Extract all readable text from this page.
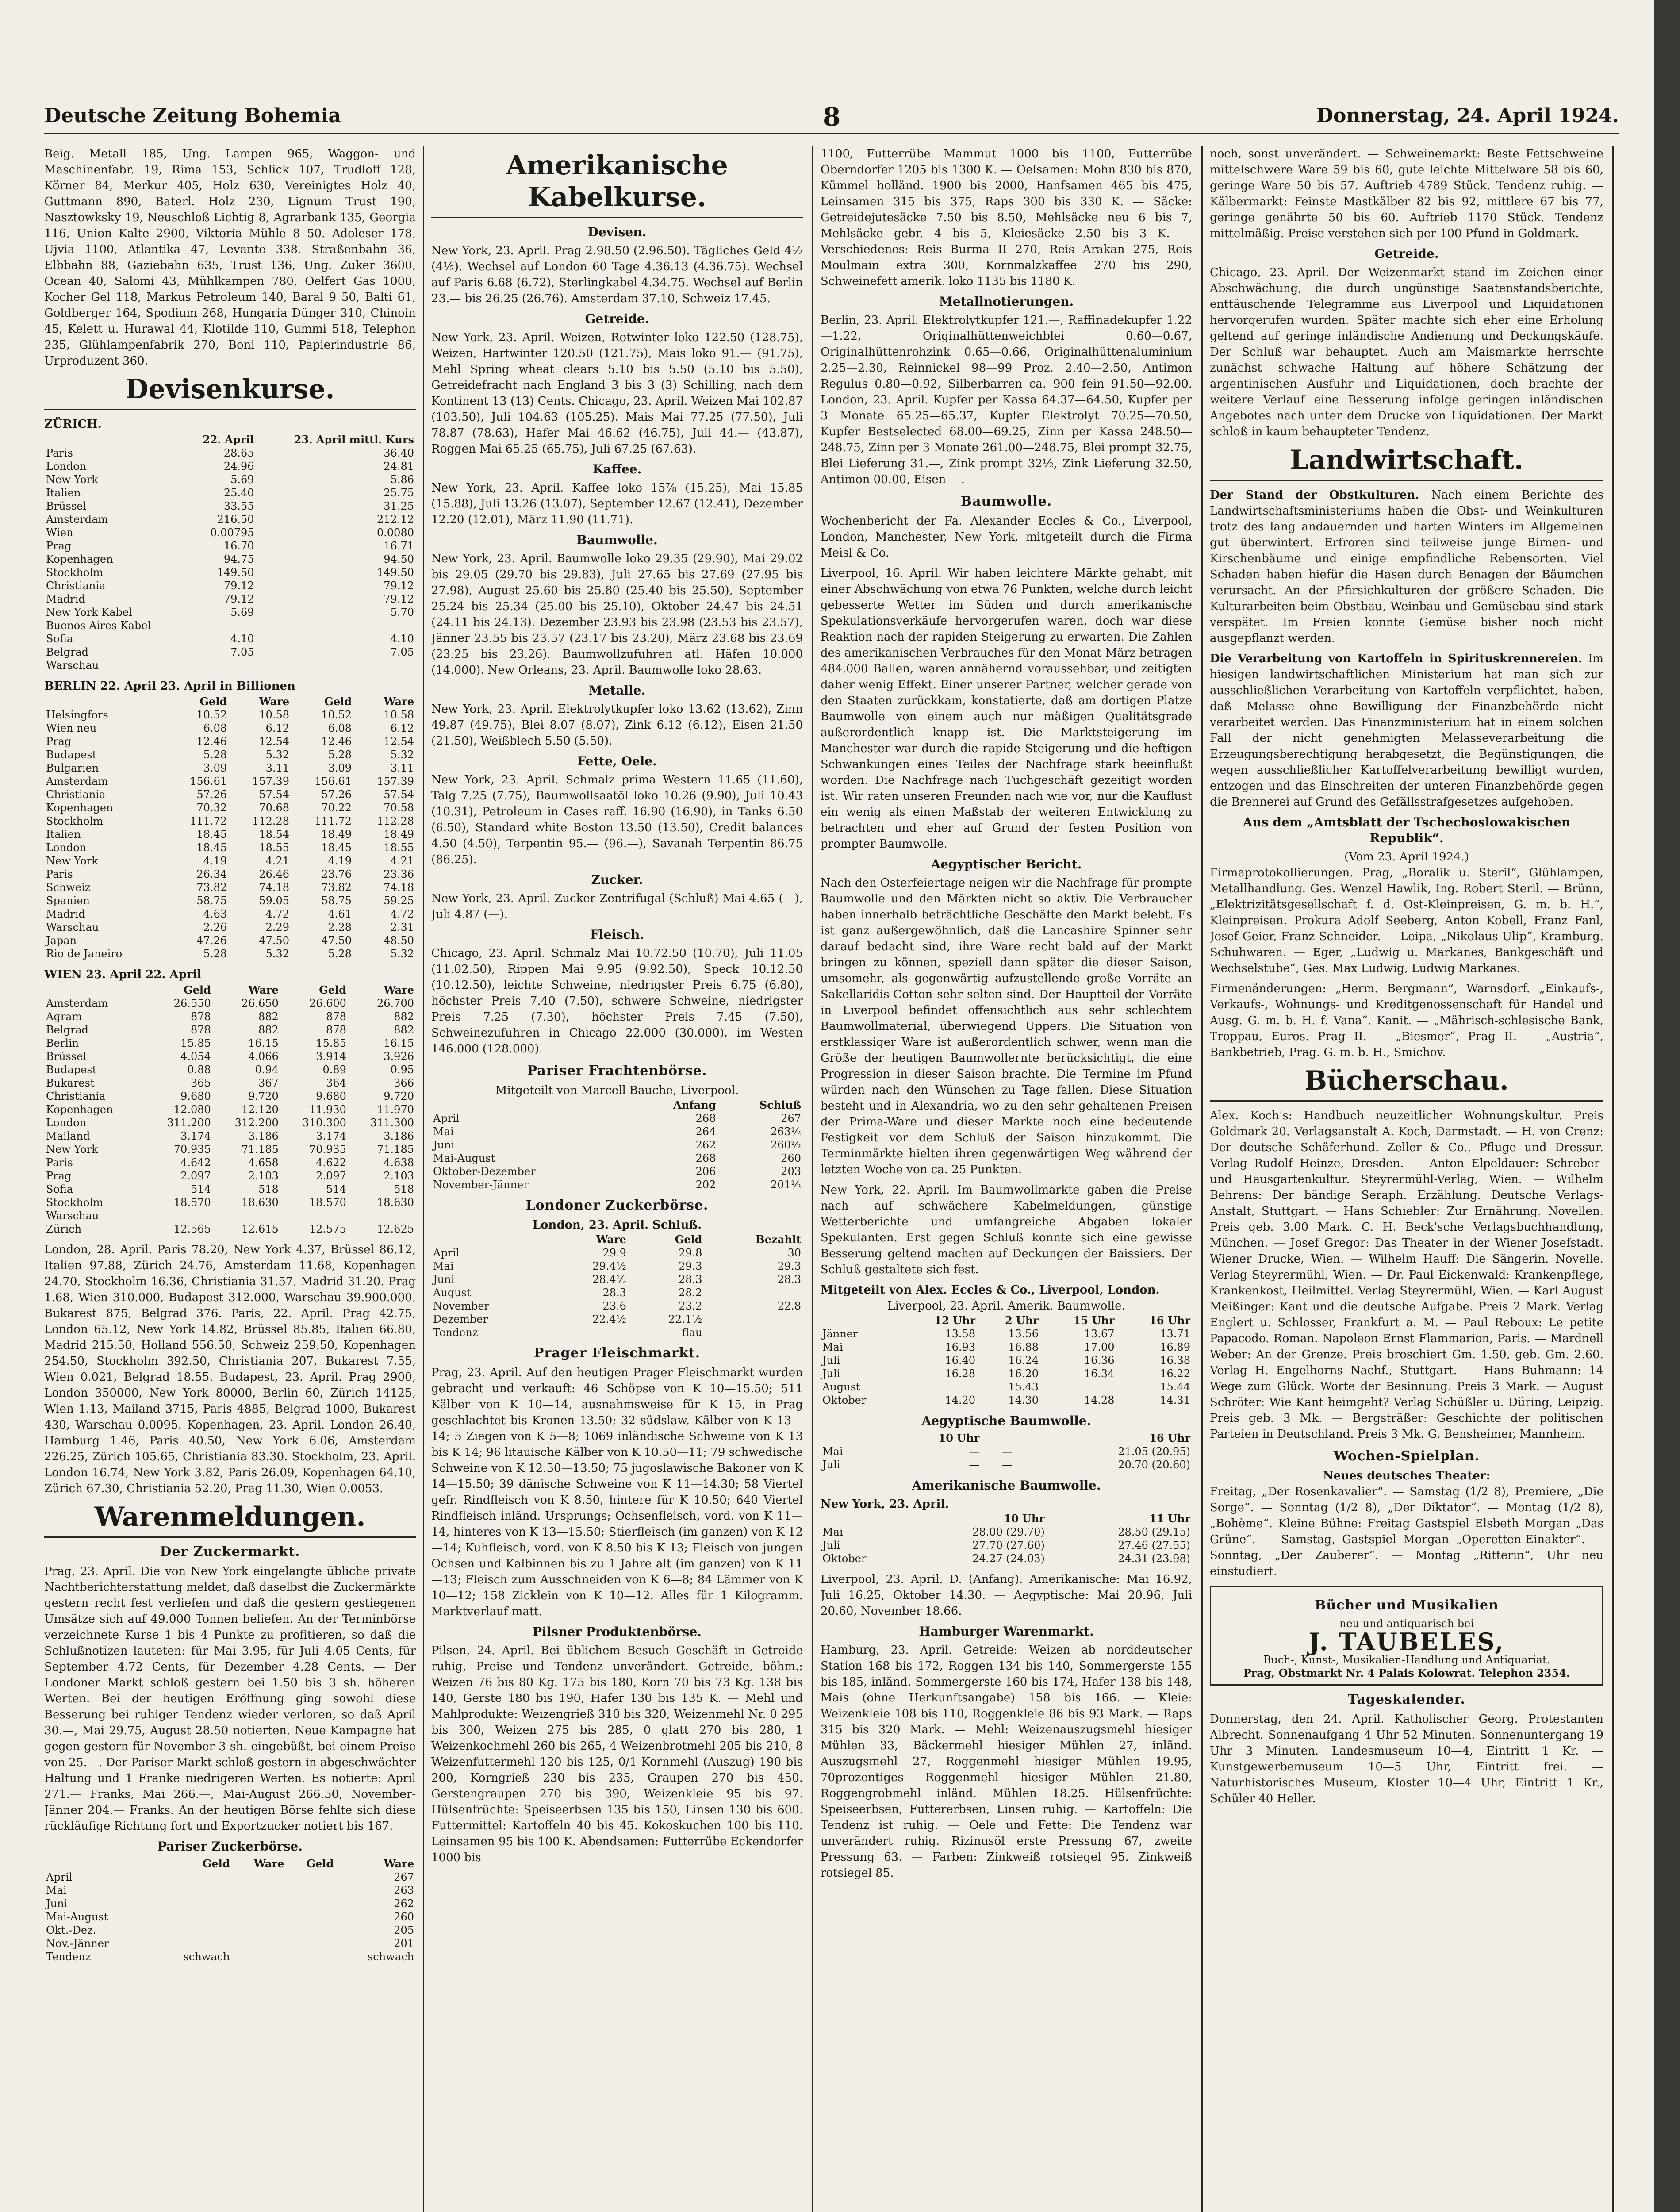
Deutsche Zeitung Bohemia	8	Donnerstag, 24. April 1924.

Beig. Metall 185, Ung. Lampen 965, Waggon- und Maschinenfabr. 19, Rima 153, Schlick 107, Trudloff 128, Körner 84, Merkur 405, Holz 630, Vereinigtes Holz 40, Guttmann 890, Baterl. Holz 230, Lignum Trust 190, Nasztowksky 19, Neuschloß Lichtig 8, Agrarbank 135, Georgia 116, Union Kalte 2900, Viktoria Mühle 8 50. Adoleser 178, Ujvia 1100, Atlantika 47, Levante 338. Straßenbahn 36, Elbbahn 88, Gaziebahn 635, Trust 136, Ung. Zuker 3600, Ocean 40, Salomi 43, Mühlkampen 780, Oelfert Gas 1000, Kocher Gel 118, Markus Petroleum 140, Baral 9 50, Balti 61, Goldberger 164, Spodium 268, Hungaria Dünger 310, Chinoin 45, Kelett u. Hurawal 44, Klotilde 110, Gummi 518, Telephon 235, Glühlampenfabrik 270, Boni 110, Papierindustrie 86, Urproduzent 360.

Devisenkurse.
ZÜRICH.
	22. April	23. April mittl. Kurs
Paris	28.65	36.40
London	24.96	24.81
New York	5.69	5.86
Italien	25.40	25.75
Brüssel	33.55	31.25
Amsterdam	216.50	212.12
Wien	0.00795	0.0080
Prag	16.70	16.71
Kopenhagen	94.75	94.50
Stockholm	149.50	149.50
Christiania	79.12	79.12
Madrid	79.12	79.12
New York Kabel	5.69	5.70
Buenos Aires Kabel		
Sofia	4.10	4.10
Belgrad	7.05	7.05
Warschau		
BERLIN 22. April 23. April in Billionen
	Geld	Ware	Geld	Ware
Helsingfors	10.52	10.58	10.52	10.58
Wien neu	6.08	6.12	6.08	6.12
Prag	12.46	12.54	12.46	12.54
Budapest	5.28	5.32	5.28	5.32
Bulgarien	3.09	3.11	3.09	3.11
Amsterdam	156.61	157.39	156.61	157.39
Christiania	57.26	57.54	57.26	57.54
Kopenhagen	70.32	70.68	70.22	70.58
Stockholm	111.72	112.28	111.72	112.28
Italien	18.45	18.54	18.49	18.49
London	18.45	18.55	18.45	18.55
New York	4.19	4.21	4.19	4.21
Paris	26.34	26.46	23.76	23.36
Schweiz	73.82	74.18	73.82	74.18
Spanien	58.75	59.05	58.75	59.25
Madrid	4.63	4.72	4.61	4.72
Warschau	2.26	2.29	2.28	2.31
Japan	47.26	47.50	47.50	48.50
Rio de Janeiro	5.28	5.32	5.28	5.32
WIEN 23. April 22. April
	Geld	Ware	Geld	Ware
Amsterdam	26.550	26.650	26.600	26.700
Agram	878	882	878	882
Belgrad	878	882	878	882
Berlin	15.85	16.15	15.85	16.15
Brüssel	4.054	4.066	3.914	3.926
Budapest	0.88	0.94	0.89	0.95
Bukarest	365	367	364	366
Christiania	9.680	9.720	9.680	9.720
Kopenhagen	12.080	12.120	11.930	11.970
London	311.200	312.200	310.300	311.300
Mailand	3.174	3.186	3.174	3.186
New York	70.935	71.185	70.935	71.185
Paris	4.642	4.658	4.622	4.638
Prag	2.097	2.103	2.097	2.103
Sofia	514	518	514	518
Stockholm	18.570	18.630	18.570	18.630
Warschau				
Zürich	12.565	12.615	12.575	12.625

London, 28. April. Paris 78.20, New York 4.37, Brüssel 86.12, Italien 97.88, Zürich 24.76, Amsterdam 11.68, Kopenhagen 24.70, Stockholm 16.36, Christiania 31.57, Madrid 31.20. Prag 1.68, Wien 310.000, Budapest 312.000, Warschau 39.900.000, Bukarest 875, Belgrad 376. Paris, 22. April. Prag 42.75, London 65.12, New York 14.82, Brüssel 85.85, Italien 66.80, Madrid 215.50, Holland 556.50, Schweiz 259.50, Kopenhagen 254.50, Stockholm 392.50, Christiania 207, Bukarest 7.55, Wien 0.021, Belgrad 18.55. Budapest, 23. April. Prag 2900, London 350000, New York 80000, Berlin 60, Zürich 14125, Wien 1.13, Mailand 3715, Paris 4885, Belgrad 1000, Bukarest 430, Warschau 0.0095. Kopenhagen, 23. April. London 26.40, Hamburg 1.46, Paris 40.50, New York 6.06, Amsterdam 226.25, Zürich 105.65, Christiania 83.30. Stockholm, 23. April. London 16.74, New York 3.82, Paris 26.09, Kopenhagen 64.10, Zürich 67.30, Christiania 52.20, Prag 11.30, Wien 0.0053.

Warenmeldungen.
Der Zuckermarkt.

Prag, 23. April. Die von New York eingelangte übliche private Nachtberichterstattung meldet, daß daselbst die Zuckermärkte gestern recht fest verliefen und daß die gestern gestiegenen Umsätze sich auf 49.000 Tonnen beliefen. An der Terminbörse verzeichnete Kurse 1 bis 4 Punkte zu profitieren, so daß die Schlußnotizen lauteten: für Mai 3.95, für Juli 4.05 Cents, für September 4.72 Cents, für Dezember 4.28 Cents. — Der Londoner Markt schloß gestern bei 1.50 bis 3 sh. höheren Werten. Bei der heutigen Eröffnung ging sowohl diese Besserung bei ruhiger Tendenz wieder verloren, so daß April 30.—, Mai 29.75, August 28.50 notierten. Neue Kampagne hat gegen gestern für November 3 sh. eingebüßt, bei einem Preise von 25.—. Der Pariser Markt schloß gestern in abgeschwächter Haltung und 1 Franke niedrigeren Werten. Es notierte: April 271.— Franks, Mai 266.—, Mai-August 266.50, November-Jänner 204.— Franks. An der heutigen Börse fehlte sich diese rückläufige Richtung fort und Exportzucker notiert bis 167.

Pariser Zuckerbörse.
	Geld	Ware	Geld	Ware
April				267
Mai				263
Juni				262
Mai-August				260
Okt.-Dez.				205
Nov.-Jänner				201
Tendenz	schwach			schwach
Amerikanische Kabelkurse.
Devisen.

New York, 23. April. Prag 2.98.50 (2.96.50). Tägliches Geld 4½ (4½). Wechsel auf London 60 Tage 4.36.13 (4.36.75). Wechsel auf Paris 6.68 (6.72), Sterlingkabel 4.34.75. Wechsel auf Berlin 23.— bis 26.25 (26.76). Amsterdam 37.10, Schweiz 17.45.

Getreide.

New York, 23. April. Weizen, Rotwinter loko 122.50 (128.75), Weizen, Hartwinter 120.50 (121.75), Mais loko 91.— (91.75), Mehl Spring wheat clears 5.10 bis 5.50 (5.10 bis 5.50), Getreidefracht nach England 3 bis 3 (3) Schilling, nach dem Kontinent 13 (13) Cents. Chicago, 23. April. Weizen Mai 102.87 (103.50), Juli 104.63 (105.25). Mais Mai 77.25 (77.50), Juli 78.87 (78.63), Hafer Mai 46.62 (46.75), Juli 44.— (43.87), Roggen Mai 65.25 (65.75), Juli 67.25 (67.63).

Kaffee.

New York, 23. April. Kaffee loko 15⅞ (15.25), Mai 15.85 (15.88), Juli 13.26 (13.07), September 12.67 (12.41), Dezember 12.20 (12.01), März 11.90 (11.71).

Baumwolle.

New York, 23. April. Baumwolle loko 29.35 (29.90), Mai 29.02 bis 29.05 (29.70 bis 29.83), Juli 27.65 bis 27.69 (27.95 bis 27.98), August 25.60 bis 25.80 (25.40 bis 25.50), September 25.24 bis 25.34 (25.00 bis 25.10), Oktober 24.47 bis 24.51 (24.11 bis 24.13). Dezember 23.93 bis 23.98 (23.53 bis 23.57), Jänner 23.55 bis 23.57 (23.17 bis 23.20), März 23.68 bis 23.69 (23.25 bis 23.26). Baumwollzufuhren atl. Häfen 10.000 (14.000). New Orleans, 23. April. Baumwolle loko 28.63.

Metalle.

New York, 23. April. Elektrolytkupfer loko 13.62 (13.62), Zinn 49.87 (49.75), Blei 8.07 (8.07), Zink 6.12 (6.12), Eisen 21.50 (21.50), Weißblech 5.50 (5.50).

Fette, Oele.

New York, 23. April. Schmalz prima Western 11.65 (11.60), Talg 7.25 (7.75), Baumwollsaatöl loko 10.26 (9.90), Juli 10.43 (10.31), Petroleum in Cases raff. 16.90 (16.90), in Tanks 6.50 (6.50), Standard white Boston 13.50 (13.50), Credit balances 4.50 (4.50), Terpentin 95.— (96.—), Savanah Terpentin 86.75 (86.25).

Zucker.

New York, 23. April. Zucker Zentrifugal (Schluß) Mai 4.65 (—), Juli 4.87 (—).

Fleisch.

Chicago, 23. April. Schmalz Mai 10.72.50 (10.70), Juli 11.05 (11.02.50), Rippen Mai 9.95 (9.92.50), Speck 10.12.50 (10.12.50), leichte Schweine, niedrigster Preis 6.75 (6.80), höchster Preis 7.40 (7.50), schwere Schweine, niedrigster Preis 7.25 (7.30), höchster Preis 7.45 (7.50), Schweinezufuhren in Chicago 22.000 (30.000), im Westen 146.000 (128.000).

Pariser Frachtenbörse.
Mitgeteilt von Marcell Bauche, Liverpool.
	Anfang	Schluß
April	268	267
Mai	264	263½
Juni	262	260½
Mai-August	268	260
Oktober-Dezember	206	203
November-Jänner	202	201½
Londoner Zuckerbörse.
London, 23. April. Schluß.
	Ware	Geld	Bezahlt
April	29.9	29.8	30
Mai	29.4½	29.3	29.3
Juni	28.4½	28.3	28.3
August	28.3	28.2	
November	23.6	23.2	22.8
Dezember	22.4½	22.1½	
Tendenz		flau	
Prager Fleischmarkt.

Prag, 23. April. Auf den heutigen Prager Fleischmarkt wurden gebracht und verkauft: 46 Schöpse von K 10—15.50; 511 Kälber von K 10—14, ausnahmsweise für K 15, in Prag geschlachtet bis Kronen 13.50; 32 südslaw. Kälber von K 13—14; 5 Ziegen von K 5—8; 1069 inländische Schweine von K 13 bis K 14; 96 litauische Kälber von K 10.50—11; 79 schwedische Schweine von K 12.50—13.50; 75 jugoslawische Bakoner von K 14—15.50; 39 dänische Schweine von K 11—14.30; 58 Viertel gefr. Rindfleisch von K 8.50, hintere für K 10.50; 640 Viertel Rindfleisch inländ. Ursprungs; Ochsenfleisch, vord. von K 11—14, hinteres von K 13—15.50; Stierfleisch (im ganzen) von K 12—14; Kuhfleisch, vord. von K 8.50 bis K 13; Fleisch von jungen Ochsen und Kalbinnen bis zu 1 Jahre alt (im ganzen) von K 11—13; Fleisch zum Ausschneiden von K 6—8; 84 Lämmer von K 10—12; 158 Zicklein von K 10—12. Alles für 1 Kilogramm. Marktverlauf matt.

Pilsner Produktenbörse.

Pilsen, 24. April. Bei üblichem Besuch Geschäft in Getreide ruhig, Preise und Tendenz unverändert. Getreide, böhm.: Weizen 76 bis 80 Kg. 175 bis 180, Korn 70 bis 73 Kg. 138 bis 140, Gerste 180 bis 190, Hafer 130 bis 135 K. — Mehl und Mahlprodukte: Weizengrieß 310 bis 320, Weizenmehl Nr. 0 295 bis 300, Weizen 275 bis 285, 0 glatt 270 bis 280, 1 Weizenkochmehl 260 bis 265, 4 Weizenbrotmehl 205 bis 210, 8 Weizenfuttermehl 120 bis 125, 0/1 Kornmehl (Auszug) 190 bis 200, Korngrieß 230 bis 235, Graupen 270 bis 450. Gerstengraupen 270 bis 390, Weizenkleie 95 bis 97. Hülsenfrüchte: Speiseerbsen 135 bis 150, Linsen 130 bis 600. Futtermittel: Kartoffeln 40 bis 45. Kokoskuchen 100 bis 110. Leinsamen 95 bis 100 K. Abendsamen: Futterrübe Eckendorfer 1000 bis

1100, Futterrübe Mammut 1000 bis 1100, Futterrübe Oberndorfer 1205 bis 1300 K. — Oelsamen: Mohn 830 bis 870, Kümmel holländ. 1900 bis 2000, Hanfsamen 465 bis 475, Leinsamen 315 bis 375, Raps 300 bis 330 K. — Säcke: Getreidejutesäcke 7.50 bis 8.50, Mehlsäcke neu 6 bis 7, Mehlsäcke gebr. 4 bis 5, Kleiesäcke 2.50 bis 3 K. — Verschiedenes: Reis Burma II 270, Reis Arakan 275, Reis Moulmain extra 300, Kornmalzkaffee 270 bis 290, Schweinefett amerik. loko 1135 bis 1180 K.

Metallnotierungen.

Berlin, 23. April. Elektrolytkupfer 121.—, Raffinadekupfer 1.22—1.22, Originalhüttenweichblei 0.60—0.67, Originalhüttenrohzink 0.65—0.66, Originalhüttenaluminium 2.25—2.30, Reinnickel 98—99 Proz. 2.40—2.50, Antimon Regulus 0.80—0.92, Silberbarren ca. 900 fein 91.50—92.00. London, 23. April. Kupfer per Kassa 64.37—64.50, Kupfer per 3 Monate 65.25—65.37, Kupfer Elektrolyt 70.25—70.50, Kupfer Bestselected 68.00—69.25, Zinn per Kassa 248.50—248.75, Zinn per 3 Monate 261.00—248.75, Blei prompt 32.75, Blei Lieferung 31.—, Zink prompt 32½, Zink Lieferung 32.50, Antimon 00.00, Eisen —.

Baumwolle.

Wochenbericht der Fa. Alexander Eccles & Co., Liverpool, London, Manchester, New York, mitgeteilt durch die Firma Meisl & Co.

Liverpool, 16. April. Wir haben leichtere Märkte gehabt, mit einer Abschwächung von etwa 76 Punkten, welche durch leicht gebesserte Wetter im Süden und durch amerikanische Spekulationsverkäufe hervorgerufen waren, doch war diese Reaktion nach der rapiden Steigerung zu erwarten. Die Zahlen des amerikanischen Verbrauches für den Monat März betragen 484.000 Ballen, waren annähernd voraussehbar, und zeitigten daher wenig Effekt. Einer unserer Partner, welcher gerade von den Staaten zurückkam, konstatierte, daß am dortigen Platze Baumwolle von einem auch nur mäßigen Qualitätsgrade außerordentlich knapp ist. Die Marktsteigerung im Manchester war durch die rapide Steigerung und die heftigen Schwankungen eines Teiles der Nachfrage stark beeinflußt worden. Die Nachfrage nach Tuchgeschäft gezeitigt worden ist. Wir raten unseren Freunden nach wie vor, nur die Kauflust ein wenig als einen Maßstab der weiteren Entwicklung zu betrachten und eher auf Grund der festen Position von prompter Baumwolle.

Aegyptischer Bericht.

Nach den Osterfeiertage neigen wir die Nachfrage für prompte Baumwolle und den Märkten nicht so aktiv. Die Verbraucher haben innerhalb beträchtliche Geschäfte den Markt belebt. Es ist ganz außergewöhnlich, daß die Lancashire Spinner sehr darauf bedacht sind, ihre Ware recht bald auf der Markt bringen zu können, speziell dann später die dieser Saison, umsomehr, als gegenwärtig aufzustellende große Vorräte an Sakellaridis-Cotton sehr selten sind. Der Hauptteil der Vorräte in Liverpool befindet offensichtlich aus sehr schlechtem Baumwollmaterial, überwiegend Uppers. Die Situation von erstklassiger Ware ist außerordentlich schwer, wenn man die Größe der heutigen Baumwollernte berücksichtigt, die eine Progression in dieser Saison brachte. Die Termine im Pfund würden nach den Wünschen zu Tage fallen. Diese Situation besteht und in Alexandria, wo zu den sehr gehaltenen Preisen der Prima-Ware und dieser Markte noch eine bedeutende Festigkeit vor dem Schluß der Saison hinzukommt. Die Terminmärkte hielten ihren gegenwärtigen Weg während der letzten Woche von ca. 25 Punkten.

New York, 22. April. Im Baumwollmarkte gaben die Preise nach auf schwächere Kabelmeldungen, günstige Wetterberichte und umfangreiche Abgaben lokaler Spekulanten. Erst gegen Schluß konnte sich eine gewisse Besserung geltend machen auf Deckungen der Baissiers. Der Schluß gestaltete sich fest.

Mitgeteilt von Alex. Eccles & Co., Liverpool, London.
Liverpool, 23. April. Amerik. Baumwolle.
	12 Uhr	2 Uhr	15 Uhr	16 Uhr
Jänner	13.58	13.56	13.67	13.71
Mai	16.93	16.88	17.00	16.89
Juli	16.40	16.24	16.36	16.38
Juli	16.28	16.20	16.34	16.22
August		15.43		15.44
Oktober	14.20	14.30	14.28	14.31
Aegyptische Baumwolle.
	10 Uhr		16 Uhr
Mai	—	—	21.05 (20.95)
Juli	—	—	20.70 (20.60)
Amerikanische Baumwolle.
New York, 23. April.
	10 Uhr		11 Uhr
Mai	28.00 (29.70)		28.50 (29.15)
Juli	27.70 (27.60)		27.46 (27.55)
Oktober	24.27 (24.03)		24.31 (23.98)

Liverpool, 23. April. D. (Anfang). Amerikanische: Mai 16.92, Juli 16.25, Oktober 14.30. — Aegyptische: Mai 20.96, Juli 20.60, November 18.66.

Hamburger Warenmarkt.

Hamburg, 23. April. Getreide: Weizen ab norddeutscher Station 168 bis 172, Roggen 134 bis 140, Sommergerste 155 bis 185, inländ. Sommergerste 160 bis 174, Hafer 138 bis 148, Mais (ohne Herkunftsangabe) 158 bis 166. — Kleie: Weizenkleie 108 bis 110, Roggenkleie 86 bis 93 Mark. — Raps 315 bis 320 Mark. — Mehl: Weizenauszugsmehl hiesiger Mühlen 33, Bäckermehl hiesiger Mühlen 27, inländ. Auszugsmehl 27, Roggenmehl hiesiger Mühlen 19.95, 70prozentiges Roggenmehl hiesiger Mühlen 21.80, Roggengrobmehl inländ. Mühlen 18.25. Hülsenfrüchte: Speiseerbsen, Futtererbsen, Linsen ruhig. — Kartoffeln: Die Tendenz ist ruhig. — Oele und Fette: Die Tendenz war unverändert ruhig. Rizinusöl erste Pressung 67, zweite Pressung 63. — Farben: Zinkweiß rotsiegel 95. Zinkweiß rotsiegel 85.

noch, sonst unverändert. — Schweinemarkt: Beste Fettschweine mittelschwere Ware 59 bis 60, gute leichte Mittelware 58 bis 60, geringe Ware 50 bis 57. Auftrieb 4789 Stück. Tendenz ruhig. — Kälbermarkt: Feinste Mastkälber 82 bis 92, mittlere 67 bis 77, geringe genährte 50 bis 60. Auftrieb 1170 Stück. Tendenz mittelmäßig. Preise verstehen sich per 100 Pfund in Goldmark.

Getreide.

Chicago, 23. April. Der Weizenmarkt stand im Zeichen einer Abschwächung, die durch ungünstige Saatenstandsberichte, enttäuschende Telegramme aus Liverpool und Liquidationen hervorgerufen wurden. Später machte sich eher eine Erholung geltend auf geringe inländische Andienung und Deckungskäufe. Der Schluß war behauptet. Auch am Maismarkte herrschte zunächst schwache Haltung auf höhere Schätzung der argentinischen Ausfuhr und Liquidationen, doch brachte der weitere Verlauf eine Besserung infolge geringen inländischen Angebotes nach unter dem Drucke von Liquidationen. Der Markt schloß in kaum behaupteter Tendenz.

Landwirtschaft.

Der Stand der Obstkulturen. Nach einem Berichte des Landwirtschaftsministeriums haben die Obst- und Weinkulturen trotz des lang andauernden und harten Winters im Allgemeinen gut überwintert. Erfroren sind teilweise junge Birnen- und Kirschenbäume und einige empfindliche Rebensorten. Viel Schaden haben hiefür die Hasen durch Benagen der Bäumchen verursacht. An der Pfirsichkulturen der größere Schaden. Die Kulturarbeiten beim Obstbau, Weinbau und Gemüsebau sind stark verspätet. Im Freien konnte Gemüse bisher noch nicht ausgepflanzt werden.

Die Verarbeitung von Kartoffeln in Spirituskrennereien. Im hiesigen landwirtschaftlichen Ministerium hat man sich zur ausschließlichen Verarbeitung von Kartoffeln verpflichtet, haben, daß Melasse ohne Bewilligung der Finanzbehörde nicht verarbeitet werden. Das Finanzministerium hat in einem solchen Fall der nicht genehmigten Melasseverarbeitung die Erzeugungsberechtigung herabgesetzt, die Begünstigungen, die wegen ausschließlicher Kartoffelverarbeitung bewilligt wurden, entzogen und das Einschreiten der unteren Finanzbehörde gegen die Brennerei auf Grund des Gefällsstrafgesetzes aufgehoben.

Aus dem „Amtsblatt der Tschechoslowakischen Republik“.
(Vom 23. April 1924.)

Firmaprotokollierungen. Prag, „Boralik u. Steril“, Glühlampen, Metallhandlung. Ges. Wenzel Hawlik, Ing. Robert Steril. — Brünn, „Elektrizitätsgesellschaft f. d. Ost-Kleinpreisen, G. m. b. H.“, Kleinpreisen. Prokura Adolf Seeberg, Anton Kobell, Franz Fanl, Josef Geier, Franz Schneider. — Leipa, „Nikolaus Ulip“, Kramburg. Schuhwaren. — Eger, „Ludwig u. Markanes, Bankgeschäft und Wechselstube“, Ges. Max Ludwig, Ludwig Markanes.

Firmenänderungen: „Herm. Bergmann“, Warnsdorf. „Einkaufs-, Verkaufs-, Wohnungs- und Kreditgenossenschaft für Handel und Ausg. G. m. b. H. f. Vana“. Kanit. — „Mährisch-schlesische Bank, Troppau, Euros. Prag II. — „Biesmer“, Prag II. — „Austria“, Bankbetrieb, Prag. G. m. b. H., Smichov.

Bücherschau.

Alex. Koch's: Handbuch neuzeitlicher Wohnungskultur. Preis Goldmark 20. Verlagsanstalt A. Koch, Darmstadt. — H. von Crenz: Der deutsche Schäferhund. Zeller & Co., Pfluge und Dressur. Verlag Rudolf Heinze, Dresden. — Anton Elpeldauer: Schreber- und Hausgartenkultur. Steyrermühl-Verlag, Wien. — Wilhelm Behrens: Der bändige Seraph. Erzählung. Deutsche Verlags-Anstalt, Stuttgart. — Hans Schiebler: Zur Ernährung. Novellen. Preis geb. 3.00 Mark. C. H. Beck'sche Verlagsbuchhandlung, München. — Josef Gregor: Das Theater in der Wiener Josefstadt. Wiener Drucke, Wien. — Wilhelm Hauff: Die Sängerin. Novelle. Verlag Steyrermühl, Wien. — Dr. Paul Eickenwald: Krankenpflege, Krankenkost, Heilmittel. Verlag Steyrermühl, Wien. — Karl August Meißinger: Kant und die deutsche Aufgabe. Preis 2 Mark. Verlag Englert u. Schlosser, Frankfurt a. M. — Paul Reboux: Le petite Papacodo. Roman. Napoleon Ernst Flammarion, Paris. — Mardnell Weber: An der Grenze. Preis broschiert Gm. 1.50, geb. Gm. 2.60. Verlag H. Engelhorns Nachf., Stuttgart. — Hans Buhmann: 14 Wege zum Glück. Worte der Besinnung. Preis 3 Mark. — August Schröter: Wie Kant heimgeht? Verlag Schüßler u. Düring, Leipzig. Preis geb. 3 Mk. — Bergsträßer: Geschichte der politischen Parteien in Deutschland. Preis 3 Mk. G. Bensheimer, Mannheim.

Wochen-Spielplan.
Neues deutsches Theater:

Freitag, „Der Rosenkavalier“. — Samstag (1/2 8), Premiere, „Die Sorge“. — Sonntag (1/2 8), „Der Diktator“. — Montag (1/2 8), „Bohème“. Kleine Bühne: Freitag Gastspiel Elsbeth Morgan „Das Grüne“. — Samstag, Gastspiel Morgan „Operetten-Einakter“. — Sonntag, „Der Zauberer“. — Montag „Ritterin“, Uhr neu einstudiert.

Bücher und Musikalien
neu und antiquarisch bei
J. TAUBELES,
Buch-, Kunst-, Musikalien-Handlung und Antiquariat.
Prag, Obstmarkt Nr. 4 Palais Kolowrat. Telephon 2354.
Tageskalender.

Donnerstag, den 24. April. Katholischer Georg. Protestanten Albrecht. Sonnenaufgang 4 Uhr 52 Minuten. Sonnenuntergang 19 Uhr 3 Minuten. Landesmuseum 10—4, Eintritt 1 Kr. — Kunstgewerbemuseum 10—5 Uhr, Eintritt frei. — Naturhistorisches Museum, Kloster 10—4 Uhr, Eintritt 1 Kr., Schüler 40 Heller.
